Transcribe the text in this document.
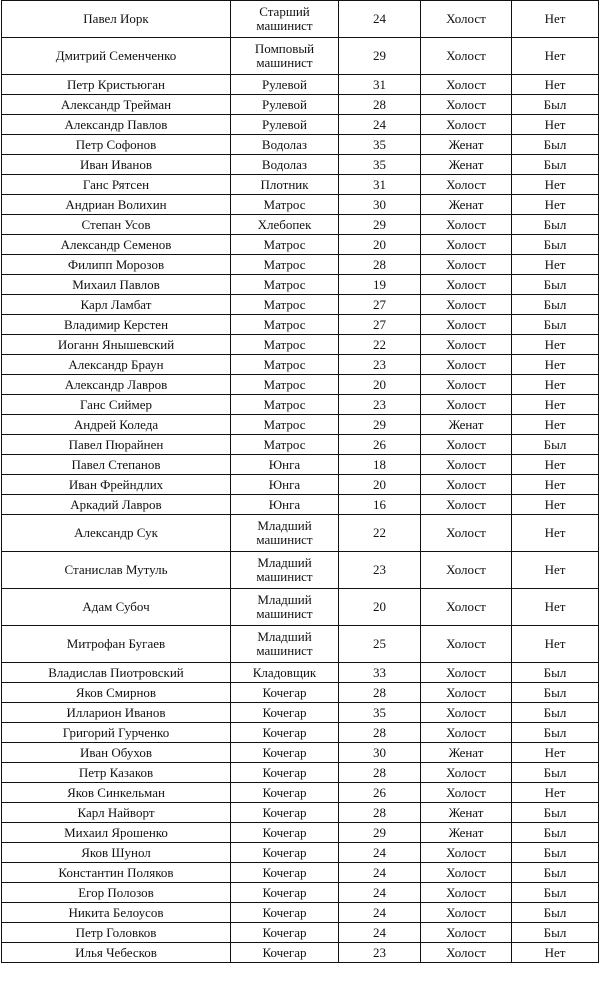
Павел Иорк	Старший машинист	24	Холост	Нет
Дмитрий Семенченко	Помповый машинист	29	Холост	Нет
Петр Кристьюган	Рулевой	31	Холост	Нет
Александр Трейман	Рулевой	28	Холост	Был
Александр Павлов	Рулевой	24	Холост	Нет
Петр Софонов	Водолаз	35	Женат	Был
Иван Иванов	Водолаз	35	Женат	Был
Ганс Рятсен	Плотник	31	Холост	Нет
Андриан Волихин	Матрос	30	Женат	Нет
Степан Усов	Хлебопек	29	Холост	Был
Александр Семенов	Матрос	20	Холост	Был
Филипп Морозов	Матрос	28	Холост	Нет
Михаил Павлов	Матрос	19	Холост	Был
Карл Ламбат	Матрос	27	Холост	Был
Владимир Керстен	Матрос	27	Холост	Был
Иоганн Янышевский	Матрос	22	Холост	Нет
Александр Браун	Матрос	23	Холост	Нет
Александр Лавров	Матрос	20	Холост	Нет
Ганс Сиймер	Матрос	23	Холост	Нет
Андрей Коледа	Матрос	29	Женат	Нет
Павел Пюрайнен	Матрос	26	Холост	Был
Павел Степанов	Юнга	18	Холост	Нет
Иван Фрейндлих	Юнга	20	Холост	Нет
Аркадий Лавров	Юнга	16	Холост	Нет
Александр Сук	Младший машинист	22	Холост	Нет
Станислав Мутуль	Младший машинист	23	Холост	Нет
Адам Субоч	Младший машинист	20	Холост	Нет
Митрофан Бугаев	Младший машинист	25	Холост	Нет
Владислав Пиотровский	Кладовщик	33	Холост	Был
Яков Смирнов	Кочегар	28	Холост	Был
Илларион Иванов	Кочегар	35	Холост	Был
Григорий Гурченко	Кочегар	28	Холост	Был
Иван Обухов	Кочегар	30	Женат	Нет
Петр Казаков	Кочегар	28	Холост	Был
Яков Синкельман	Кочегар	26	Холост	Нет
Карл Найворт	Кочегар	28	Женат	Был
Михаил Ярошенко	Кочегар	29	Женат	Был
Яков Шунол	Кочегар	24	Холост	Был
Константин Поляков	Кочегар	24	Холост	Был
Егор Полозов	Кочегар	24	Холост	Был
Никита Белоусов	Кочегар	24	Холост	Был
Петр Головков	Кочегар	24	Холост	Был
Илья Чебесков	Кочегар	23	Холост	Нет
